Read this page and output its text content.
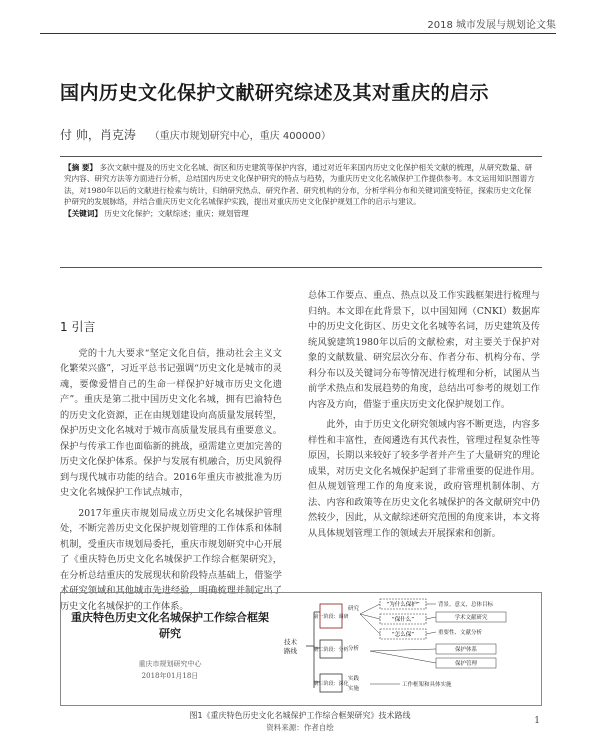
2018 城市发展与规划论文集
国内历史文化保护文献研究综述及其对重庆的启示
付 帅，肖克涛 （重庆市规划研究中心，重庆 400000）
【摘 要】 多次文献中提及的历史文化名城、街区和历史建筑等保护内容，通过对近年来国内历史文化保护相关文献的梳理，从研究数量、研究内容、研究方法等方面进行分析，总结国内历史文化保护研究的特点与趋势，为重庆历史文化名城保护工作提供参考。本文运用知识图谱方法，对1980年以后的文献进行检索与统计，归纳研究热点、研究作者、研究机构的分布，分析学科分布和关键词演变特征，探索历史文化保护研究的发展脉络，并结合重庆历史文化名城保护实践，提出对重庆历史文化保护规划工作的启示与建议。
【关键词】 历史文化保护；文献综述；重庆；规划管理
1 引言

党的十九大要求“坚定文化自信，推动社会主义文化繁荣兴盛”，习近平总书记强调“历史文化是城市的灵魂，要像爱惜自己的生命一样保护好城市历史文化遗产”。重庆是第二批中国历史文化名城，拥有巴渝特色的历史文化资源，正在由规划建设向高质量发展转型，保护历史文化名城对于城市高质量发展具有重要意义。保护与传承工作也面临新的挑战，亟需建立更加完善的历史文化保护体系。保护与发展有机融合，历史风貌得到与现代城市功能的结合。2016年重庆市被批准为历史文化名城保护工作试点城市，

2017年重庆市规划局成立历史文化名城保护管理处，不断完善历史文化保护规划管理的工作体系和体制机制，受重庆市规划局委托，重庆市规划研究中心开展了《重庆特色历史文化名城保护工作综合框架研究》，在分析总结重庆的发展现状和阶段特点基础上，借鉴学术研究领域和其他城市先进经验，明确梳理并制定出了历史文化名城保护的工作体系。

总体工作要点、重点、热点以及工作实践框架进行梳理与归纳。本文即在此背景下，以中国知网（CNKI）数据库中的历史文化街区、历史文化名城等名词，历史建筑及传统风貌建筑1980年以后的文献检索，对主要关于保护对象的文献数量、研究层次分布、作者分布、机构分布、学科分布以及关键词分布等情况进行梳理和分析，试图从当前学术热点和发展趋势的角度，总结出可参考的规划工作内容及方向，借鉴于重庆历史文化保护规划工作。

此外，由于历史文化研究领域内容不断更迭，内容多样性和丰富性，查阅遴选有其代表性，管理过程复杂性等原因，长期以来较好了较多学者并产生了大量研究的理论成果，对历史文化名城保护起到了非常重要的促进作用。但从规划管理工作的角度来说，政府管理机制体制、方法、内容和政策等在历史文化名城保护的各文献研究中仍然较少，因此，从文献综述研究范围的角度来讲，本文将从具体规划管理工作的领域去开展探索和创新。

重庆特色历史文化名城保护工作综合框架研究
重庆市规划研究中心
2018年01月18日
技术
路线
第一阶段：调研
第二阶段：分析
第三阶段：深化
研究
分析
实践
实施
“为什么保护”
“保什么”
“怎么保”
背景、意义，总体目标
学术文献研究
重要性、文献分析
保护体系
保护管理
工作框架和具体实施
图1《重庆特色历史文化名城保护工作综合框架研究》技术路线
资料来源：作者自绘
1
